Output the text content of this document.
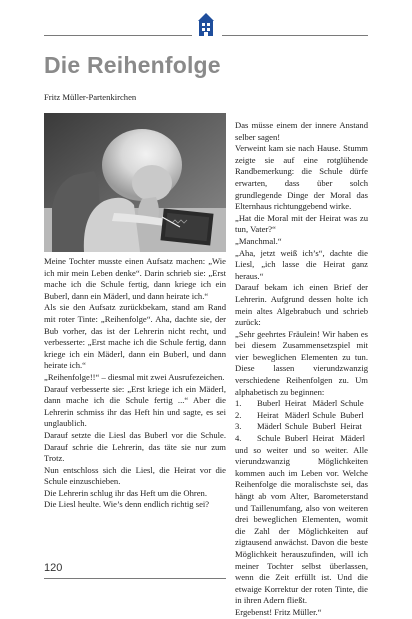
Die Reihenfolge
Fritz Müller-Partenkirchen

Meine Tochter musste einen Aufsatz machen: „Wie ich mir mein Leben denke“. Darin schrieb sie: „Erst mache ich die Schule fertig, dann kriege ich ein Buberl, dann ein Mäderl, und dann heirate ich.“

Als sie den Aufsatz zurückbekam, stand am Rand mit roter Tinte: „Reihenfolge“. Aha, dachte sie, der Bub vorher, das ist der Lehrerin nicht recht, und verbesserte: „Erst mache ich die Schule fertig, dann kriege ich ein Mäderl, dann ein Buberl, und dann heirate ich.“

„Reihenfolge!!“ – diesmal mit zwei Ausrufezeichen.

Darauf verbesserte sie: „Erst kriege ich ein Mäderl, dann mache ich die Schule fertig ...“ Aber die Lehrerin schmiss ihr das Heft hin und sagte, es sei unglaublich.

Darauf setzte die Liesl das Buberl vor die Schule. Darauf schrie die Lehrerin, das täte sie nur zum Trotz.

Nun entschloss sich die Liesl, die Heirat vor die Schule einzuschieben.

Die Lehrerin schlug ihr das Heft um die Ohren.

Die Liesl heulte. Wie’s denn endlich richtig sei?

Das müsse einem der innere Anstand selber sagen!

Verweint kam sie nach Hause. Stumm zeigte sie auf eine rotglühende Randbemerkung: die Schule dürfe erwarten, dass über solch grundlegende Dinge der Moral das Elternhaus richtunggebend wirke.

„Hat die Moral mit der Heirat was zu tun, Vater?“

„Manchmal.“

„Aha, jetzt weiß ich’s“, dachte die Liesl, „ich lasse die Heirat ganz heraus.“

Darauf bekam ich einen Brief der Lehrerin. Aufgrund dessen holte ich mein altes Algebrabuch und schrieb zurück:

„Sehr geehrtes Fräulein! Wir haben es bei diesem Zusammensetzspiel mit vier beweglichen Elementen zu tun. Diese lassen vierundzwanzig verschiedene Reihenfolgen zu. Um alphabetisch zu beginnen:

1.	Buberl	Heirat	Mäderl	Schule
2.	Heirat	Mäderl	Schule	Buberl
3.	Mäderl	Schule	Buberl	Heirat
4.	Schule	Buberl	Heirat	Mäderl

und so weiter und so weiter. Alle vierundzwanzig Möglichkeiten kommen auch im Leben vor. Welche Reihenfolge die moralischste sei, das hängt ab vom Alter, Barometerstand und Taillenumfang, also von weiteren drei beweglichen Elementen, womit die Zahl der Möglichkeiten auf zigtausend anwächst. Davon die beste Möglichkeit herauszufinden, will ich meiner Tochter selbst überlassen, wenn die Zeit erfüllt ist. Und die etwaige Korrektur der roten Tinte, die in ihren Adern fließt.

Ergebenst! Fritz Müller.“

120
